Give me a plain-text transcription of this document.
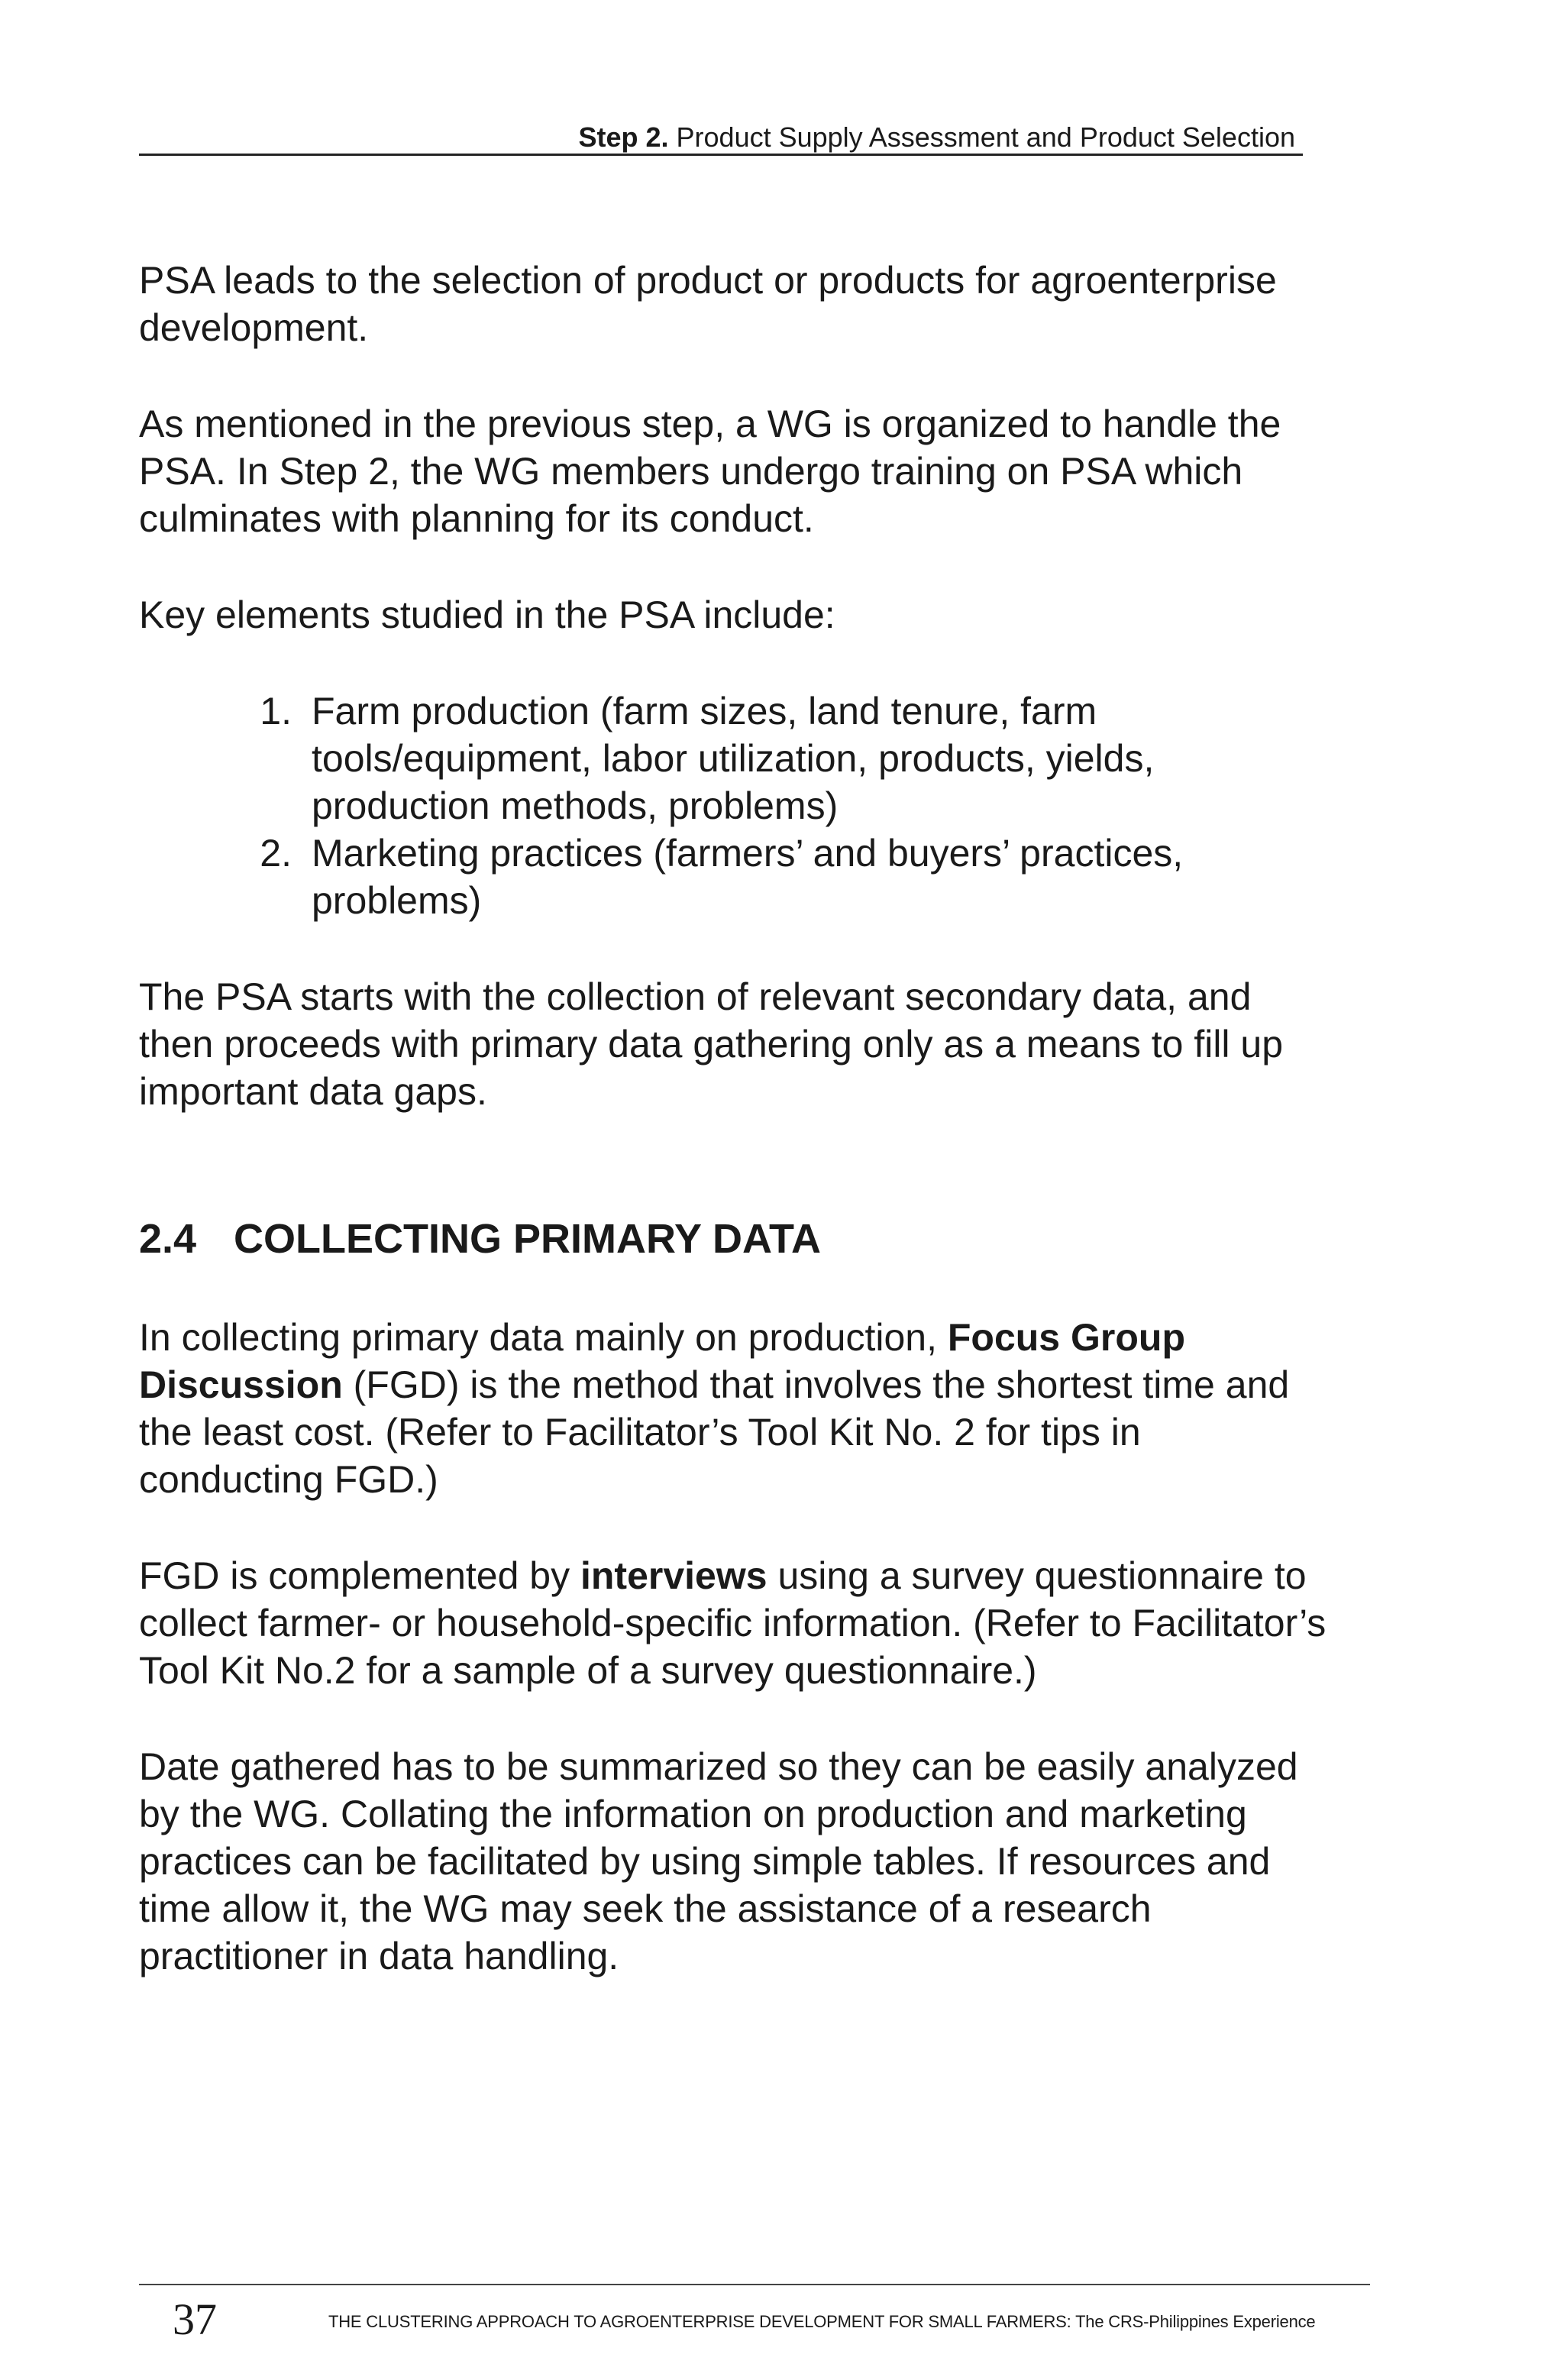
Step 2. Product Supply Assessment and Product Selection

PSA leads to the selection of product or products for agroenterprise development.

As mentioned in the previous step, a WG is organized to handle the PSA. In Step 2, the WG members undergo training on PSA which culminates with planning for its conduct.

Key elements studied in the PSA include:

1. Farm production (farm sizes, land tenure, farm tools/equipment, labor utilization, products, yields, production methods, problems)
2. Marketing practices (farmers’ and buyers’ practices, problems)

The PSA starts with the collection of relevant secondary data, and then proceeds with primary data gathering only as a means to fill up important data gaps.

2.4 COLLECTING PRIMARY DATA

In collecting primary data mainly on production, Focus Group Discussion (FGD) is the method that involves the shortest time and the least cost. (Refer to Facilitator’s Tool Kit No. 2 for tips in conducting FGD.)

FGD is complemented by interviews using a survey questionnaire to collect farmer- or household-specific information. (Refer to Facilitator’s Tool Kit No.2 for a sample of a survey questionnaire.)

Date gathered has to be summarized so they can be easily analyzed by the WG. Collating the information on production and marketing practices can be facilitated by using simple tables. If resources and time allow it, the WG may seek the assistance of a research practitioner in data handling.

37	THE CLUSTERING APPROACH TO AGROENTERPRISE DEVELOPMENT FOR SMALL FARMERS: The CRS-Philippines Experience
